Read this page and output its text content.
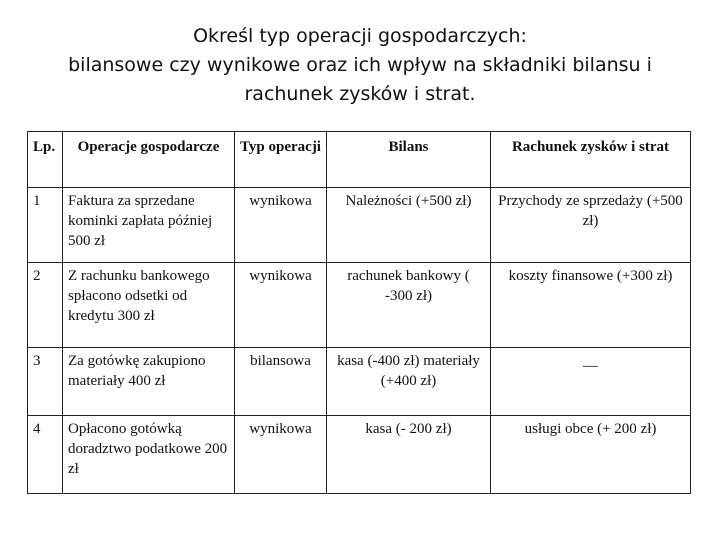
Określ typ operacji gospodarczych:
bilansowe czy wynikowe oraz ich wpływ na składniki bilansu i
rachunek zysków i strat.
Lp.	Operacje gospodarcze	Typ operacji	Bilans	Rachunek zysków i strat
1	Faktura za sprzedane kominki zapłata później 500 zł	wynikowa	Należności (+500 zł)	Przychody ze sprzedaży (+500 zł)
2	Z rachunku bankowego spłacono odsetki od kredytu 300 zł	wynikowa	rachunek bankowy ( -300 zł)	koszty finansowe (+300 zł)
3	Za gotówkę zakupiono materiały 400 zł	bilansowa	kasa (-400 zł) materiały (+400 zł)	__
4	Opłacono gotówką doradztwo podatkowe 200 zł	wynikowa	kasa (- 200 zł)	usługi obce (+ 200 zł)
